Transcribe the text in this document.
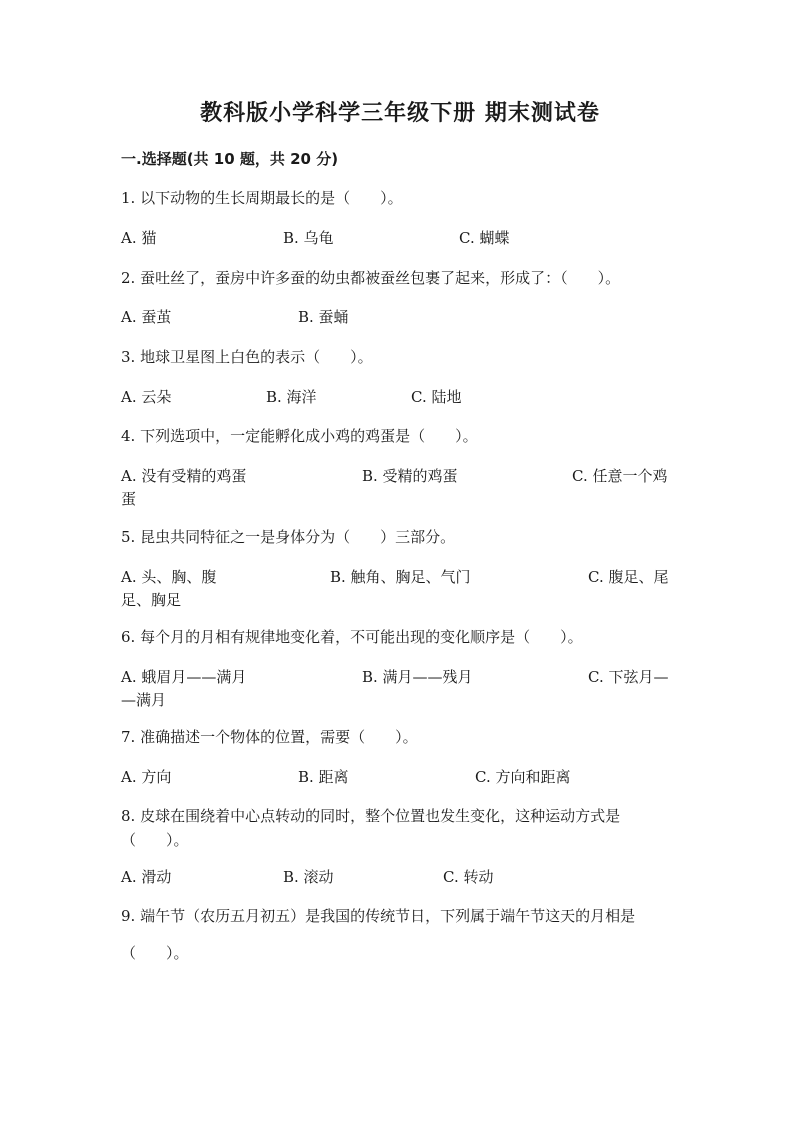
教科版小学科学三年级下册 期末测试卷
一.选择题(共 10 题，共 20 分)
1. 以下动物的生长周期最长的是（　　）。
A. 猫	B. 乌龟	C. 蝴蝶
2. 蚕吐丝了，蚕房中许多蚕的幼虫都被蚕丝包裹了起来，形成了：（　　）。
A. 蚕茧	B. 蚕蛹
3. 地球卫星图上白色的表示（　　）。
A. 云朵	B. 海洋	C. 陆地
4. 下列选项中，一定能孵化成小鸡的鸡蛋是（　　）。
A. 没有受精的鸡蛋	B. 受精的鸡蛋	C. 任意一个鸡
蛋
5. 昆虫共同特征之一是身体分为（　　）三部分。
A. 头、胸、腹	B. 触角、胸足、气门	C. 腹足、尾
足、胸足
6. 每个月的月相有规律地变化着，不可能出现的变化顺序是（　　）。
A. 蛾眉月——满月	B. 满月——残月	C. 下弦月—
—满月
7. 准确描述一个物体的位置，需要（　　）。
A. 方向	B. 距离	C. 方向和距离
8. 皮球在围绕着中心点转动的同时，整个位置也发生变化，这种运动方式是
（　　）。
A. 滑动	B. 滚动	C. 转动
9. 端午节（农历五月初五）是我国的传统节日，下列属于端午节这天的月相是
（　　）。
